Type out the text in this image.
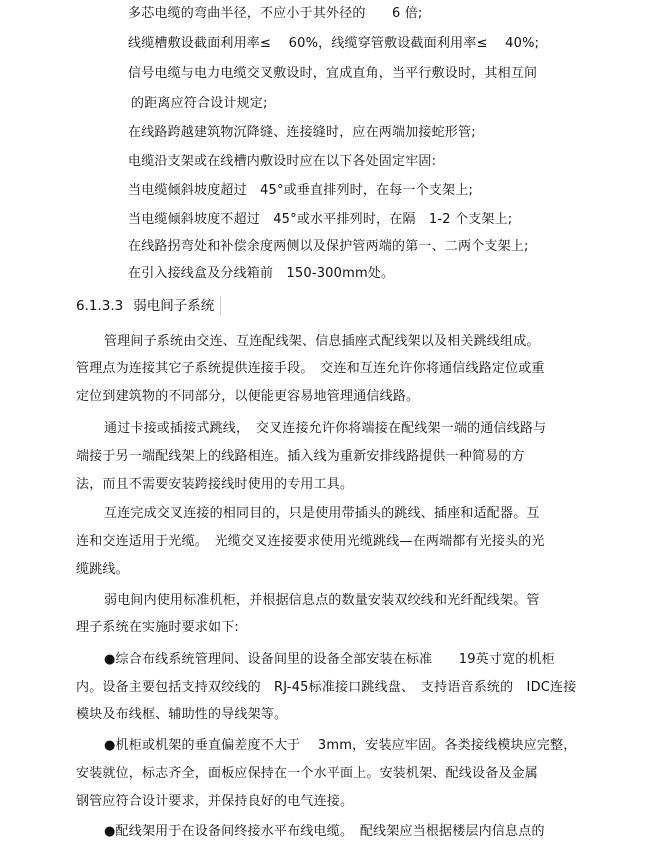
多芯电缆的弯曲半径，不应小于其外径的　　6 倍;
线缆槽敷设截面利用率≤　 60%，线缆穿管敷设截面利用率≤　 40%;
信号电缆与电力电缆交叉敷设时，宜成直角，当平行敷设时，其相互间
的距离应符合设计规定;
在线路跨越建筑物沉降缝、连接缝时，应在两端加接蛇形管;
电缆沿支架或在线槽内敷设时应在以下各处固定牢固:
当电缆倾斜坡度超过　45°或垂直排列时，在每一个支架上;
当电缆倾斜坡度不超过　45°或水平排列时，在隔　1-2 个支架上;
在线路拐弯处和补偿余度两侧以及保护管两端的第一、二两个支架上;
在引入接线盒及分线箱前　150-300mm处。
6.1.3.3 弱电间子系统
管理间子系统由交连、互连配线架、信息插座式配线架以及相关跳线组成。
管理点为连接其它子系统提供连接手段。　交连和互连允许你将通信线路定位或重
定位到建筑物的不同部分，以便能更容易地管理通信线路。
通过卡接或插接式跳线，　交叉连接允许你将端接在配线架一端的通信线路与
端接于另一端配线架上的线路相连。插入线为重新安排线路提供一种简易的方
法，而且不需要安装跨接线时使用的专用工具。
互连完成交叉连接的相同目的，只是使用带插头的跳线、插座和适配器。互
连和交连适用于光缆。　光缆交叉连接要求使用光缆跳线—在两端都有光接头的光
缆跳线。
弱电间内使用标准机柜，并根据信息点的数量安装双绞线和光纤配线架。管
理子系统在实施时要求如下:
●综合布线系统管理间、设备间里的设备全部安装在标准　　19英寸宽的机柜
内。设备主要包括支持双绞线的　RJ-45标准接口跳线盘、　支持语音系统的　IDC连接
模块及布线框、辅助性的导线架等。
●机柜或机架的垂直偏差度不大于　 3mm，安装应牢固。各类接线模块应完整，
安装就位，标志齐全，面板应保持在一个水平面上。安装机架、配线设备及金属
钢管应符合设计要求，并保持良好的电气连接。
●配线架用于在设备间终接水平布线电缆。　配线架应当根据楼层内信息点的
